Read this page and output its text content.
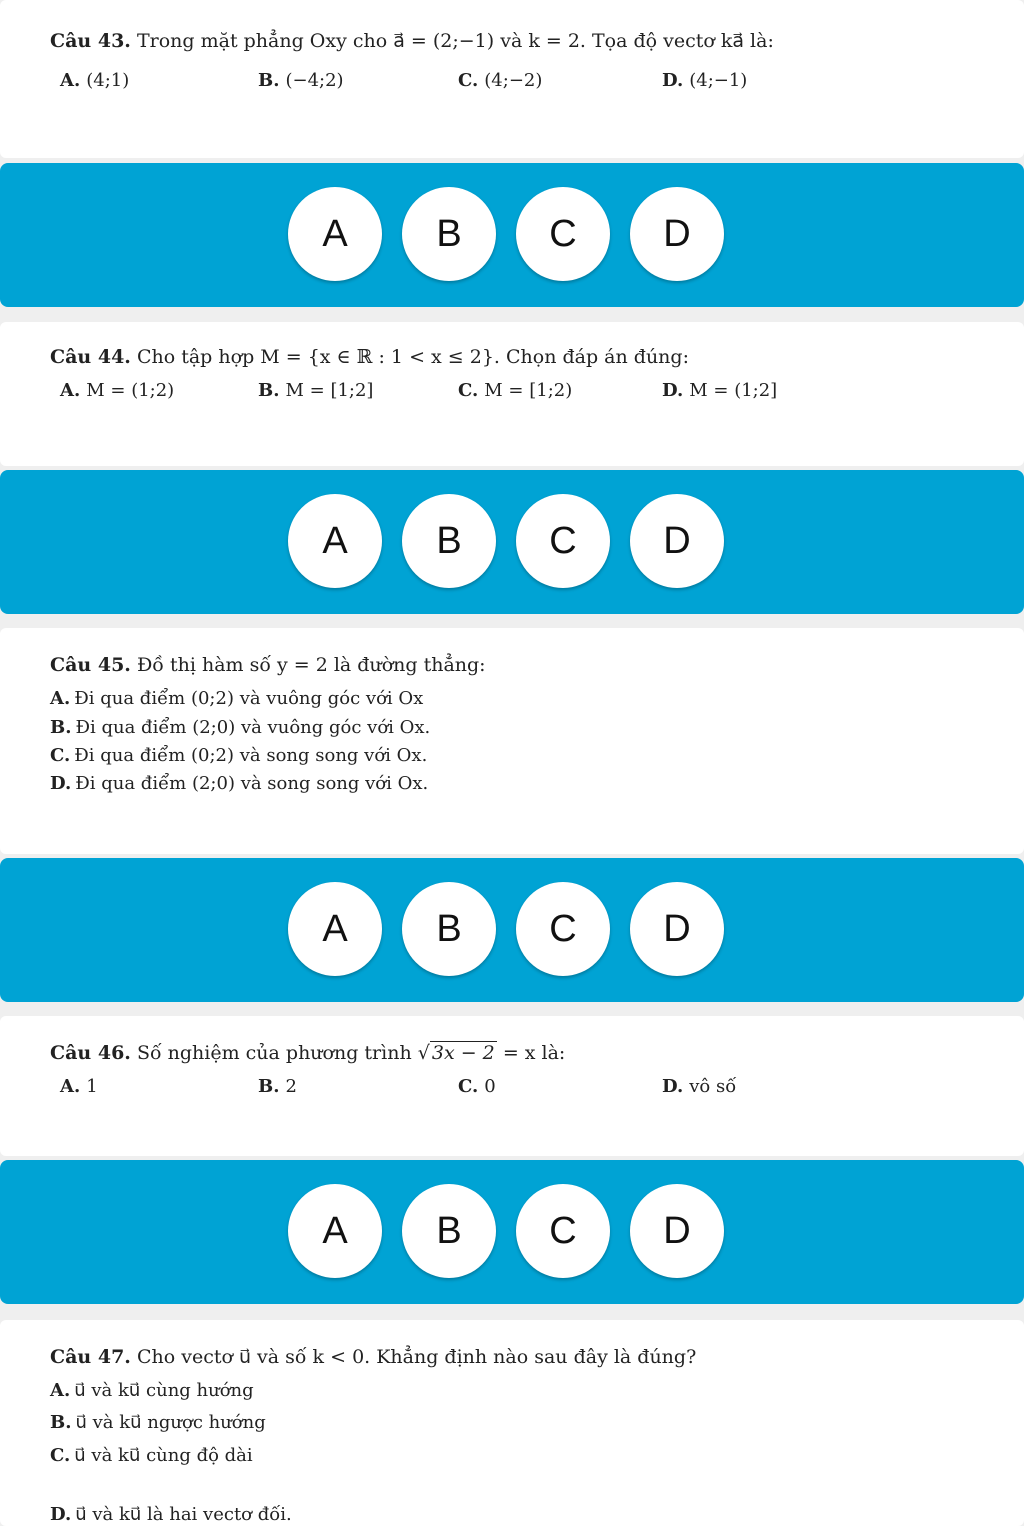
Câu 43. Trong mặt phẳng Oxy cho a⃗ = (2;−1) và k = 2. Tọa độ vectơ ka⃗ là:
A. (4;1)	B. (−4;2)	C. (4;−2)	D. (4;−1)
A	B	C	D
Câu 44. Cho tập hợp M = {x ∈ ℝ : 1 < x ≤ 2}. Chọn đáp án đúng:
A. M = (1;2)	B. M = [1;2]	C. M = [1;2)	D. M = (1;2]
A	B	C	D
Câu 45. Đồ thị hàm số y = 2 là đường thẳng:
A. Đi qua điểm (0;2) và vuông góc với Ox
B. Đi qua điểm (2;0) và vuông góc với Ox.
C. Đi qua điểm (0;2) và song song với Ox.
D. Đi qua điểm (2;0) và song song với Ox.
A	B	C	D
Câu 46. Số nghiệm của phương trình √ 3x − 2 = x là:
A. 1	B. 2	C. 0	D. vô số
A	B	C	D
Câu 47. Cho vectơ u⃗ và số k < 0. Khẳng định nào sau đây là đúng?
A. u⃗ và ku⃗ cùng hướng
B. u⃗ và ku⃗ ngược hướng
C. u⃗ và ku⃗ cùng độ dài
D. u⃗ và ku⃗ là hai vectơ đối.
